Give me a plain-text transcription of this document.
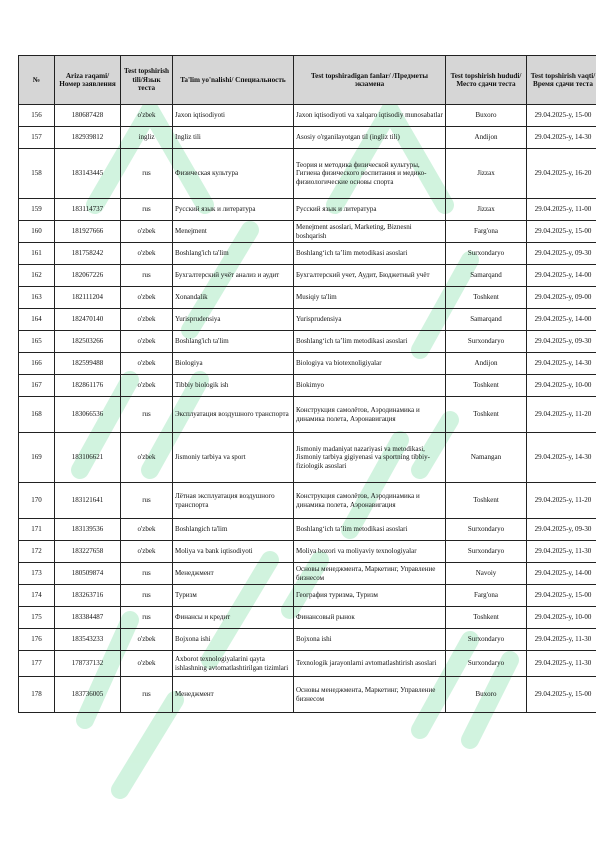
№	Ariza raqami/ Номер заявления	Test topshirish tili/Язык теста	Ta'lim yo'nalishi/ Специальность	Test topshiradigan fanlar/ /Предметы экзамена	Test topshirish hududi/ Место сдачи теста	Test topshirish vaqti/Время сдачи теста
156	180687428	o'zbek	Jaxon iqtisodiyoti	Jaxon iqtisodiyoti va xalqaro iqtisodiy munosabatlar	Buxoro	29.04.2025-y, 15-00
157	182939812	ingliz	Ingliz tili	Asosiy o'rganilayotgan til (ingliz tili)	Andijon	29.04.2025-y, 14-30
158	183143445	rus	Физическая культура	Теория и методика физической культуры, Гигиена физического воспитания и медико-физиологические основы спорта	Jizzax	29.04.2025-y, 16-20
159	183114737	rus	Русский язык и литература	Русский язык и литература	Jizzax	29.04.2025-y, 11-00
160	181927666	o'zbek	Menejment	Menejment asoslari, Marketing, Biznesni boshqarish	Farg'ona	29.04.2025-y, 15-00
161	181758242	o'zbek	Boshlang'ich ta'lim	Boshlang‘ich ta’lim metodikasi asoslari	Surxondaryo	29.04.2025-y, 09-30
162	182067226	rus	Бухгалтерский учёт анализ и аудит	Бухгалтерский учет, Аудит, Бюджетный учёт	Samarqand	29.04.2025-y, 14-00
163	182111204	o'zbek	Xonandalik	Musiqiy ta'lim	Toshkent	29.04.2025-y, 09-00
164	182470140	o'zbek	Yurisprudensiya	Yurisprudensiya	Samarqand	29.04.2025-y, 14-00
165	182503266	o'zbek	Boshlang'ich ta'lim	Boshlang‘ich ta’lim metodikasi asoslari	Surxondaryo	29.04.2025-y, 09-30
166	182599488	o'zbek	Biologiya	Biologiya va biotexnoligiyalar	Andijon	29.04.2025-y, 14-30
167	182861176	o'zbek	Tibbiy biologik ish	Biokimyo	Toshkent	29.04.2025-y, 10-00
168	183066536	rus	Эксплуатация воздушного транспорта	Конструкция самолётов, Аэродинамика и динамика полета, Аэронавигация	Toshkent	29.04.2025-y, 11-20
169	183106621	o'zbek	Jismoniy tarbiya va sport	Jismoniy madaniyat nazariyasi va metodikasi, Jismoniy tarbiya gigiyenasi va sportning tibbiy-fiziologik asoslari	Namangan	29.04.2025-y, 14-30
170	183121641	rus	Лётная эксплуатация воздушного транспорта	Конструкция самолётов, Аэродинамика и динамика полета, Аэронавигация	Toshkent	29.04.2025-y, 11-20
171	183139536	o'zbek	Boshlangich ta'lim	Boshlang‘ich ta’lim metodikasi asoslari	Surxondaryo	29.04.2025-y, 09-30
172	183227658	o'zbek	Moliya va bank iqtisodiyoti	Moliya bozori va moliyaviy texnologiyalar	Surxondaryo	29.04.2025-y, 11-30
173	180509874	rus	Менеджмент	Основы менеджмента, Маркетинг, Управление бизнесом	Navoiy	29.04.2025-y, 14-00
174	183263716	rus	Туризм	География туризма, Туризм	Farg'ona	29.04.2025-y, 15-00
175	183384487	rus	Финансы и кредит	Финансовый рынок	Toshkent	29.04.2025-y, 10-00
176	183543233	o'zbek	Bojxona ishi	Bojxona ishi	Surxondaryo	29.04.2025-y, 11-30
177	178737132	o'zbek	Axborot texnologiyalarini qayta ishlashning avtomatlashtirilgan tizimlari	Texnologik jarayonlarni avtomatlashtirish asoslari	Surxondaryo	29.04.2025-y, 11-30
178	183736005	rus	Менеджмент	Основы менеджмента, Маркетинг, Управление бизнесом	Buxoro	29.04.2025-y, 15-00
